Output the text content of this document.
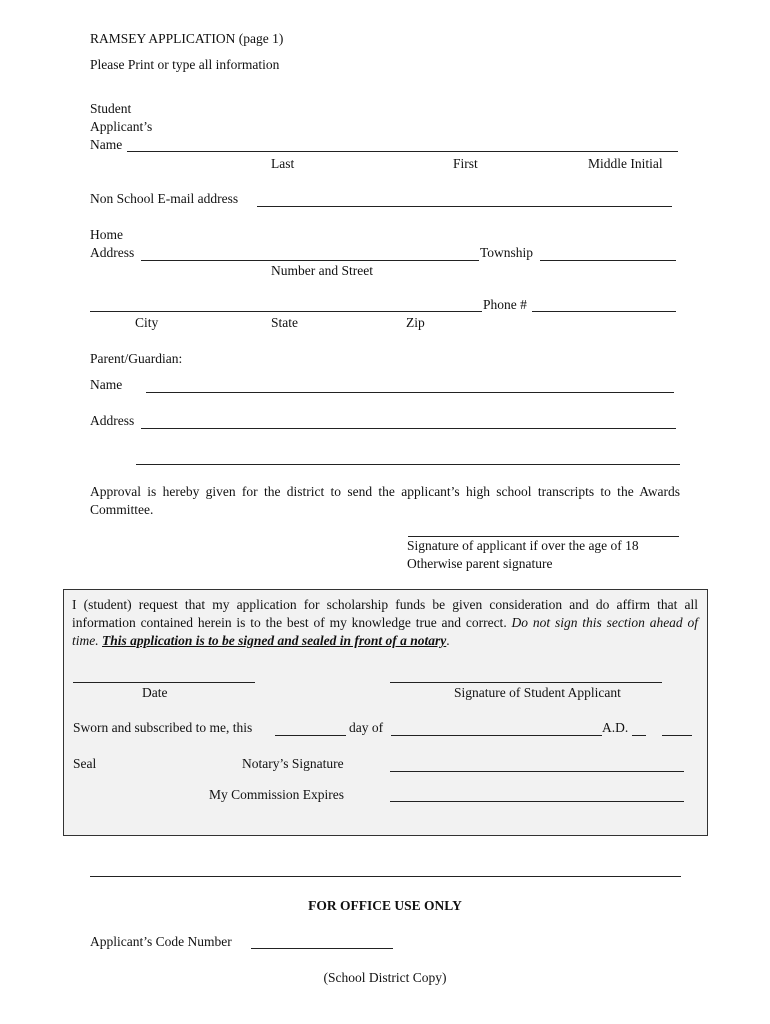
RAMSEY APPLICATION (page 1)
Please Print or type all information
Student
Applicant’s
Name
Last	First	Middle Initial
Non School E-mail address
Home
Address	Township
Number and Street
Phone #
City	State	Zip
Parent/Guardian:
Name
Address
Approval is hereby given for the district to send the applicant’s high school transcripts to the Awards Committee.
Signature of applicant if over the age of 18
Otherwise parent signature
I (student) request that my application for scholarship funds be given consideration and do affirm that all information contained herein is to the best of my knowledge true and correct. Do not sign this section ahead of time. This application is to be signed and sealed in front of a notary.
Date	Signature of Student Applicant
Sworn and subscribed to me, this	day of	A.D.
Seal	Notary’s Signature
My Commission Expires
FOR OFFICE USE ONLY
Applicant’s Code Number
(School District Copy)
